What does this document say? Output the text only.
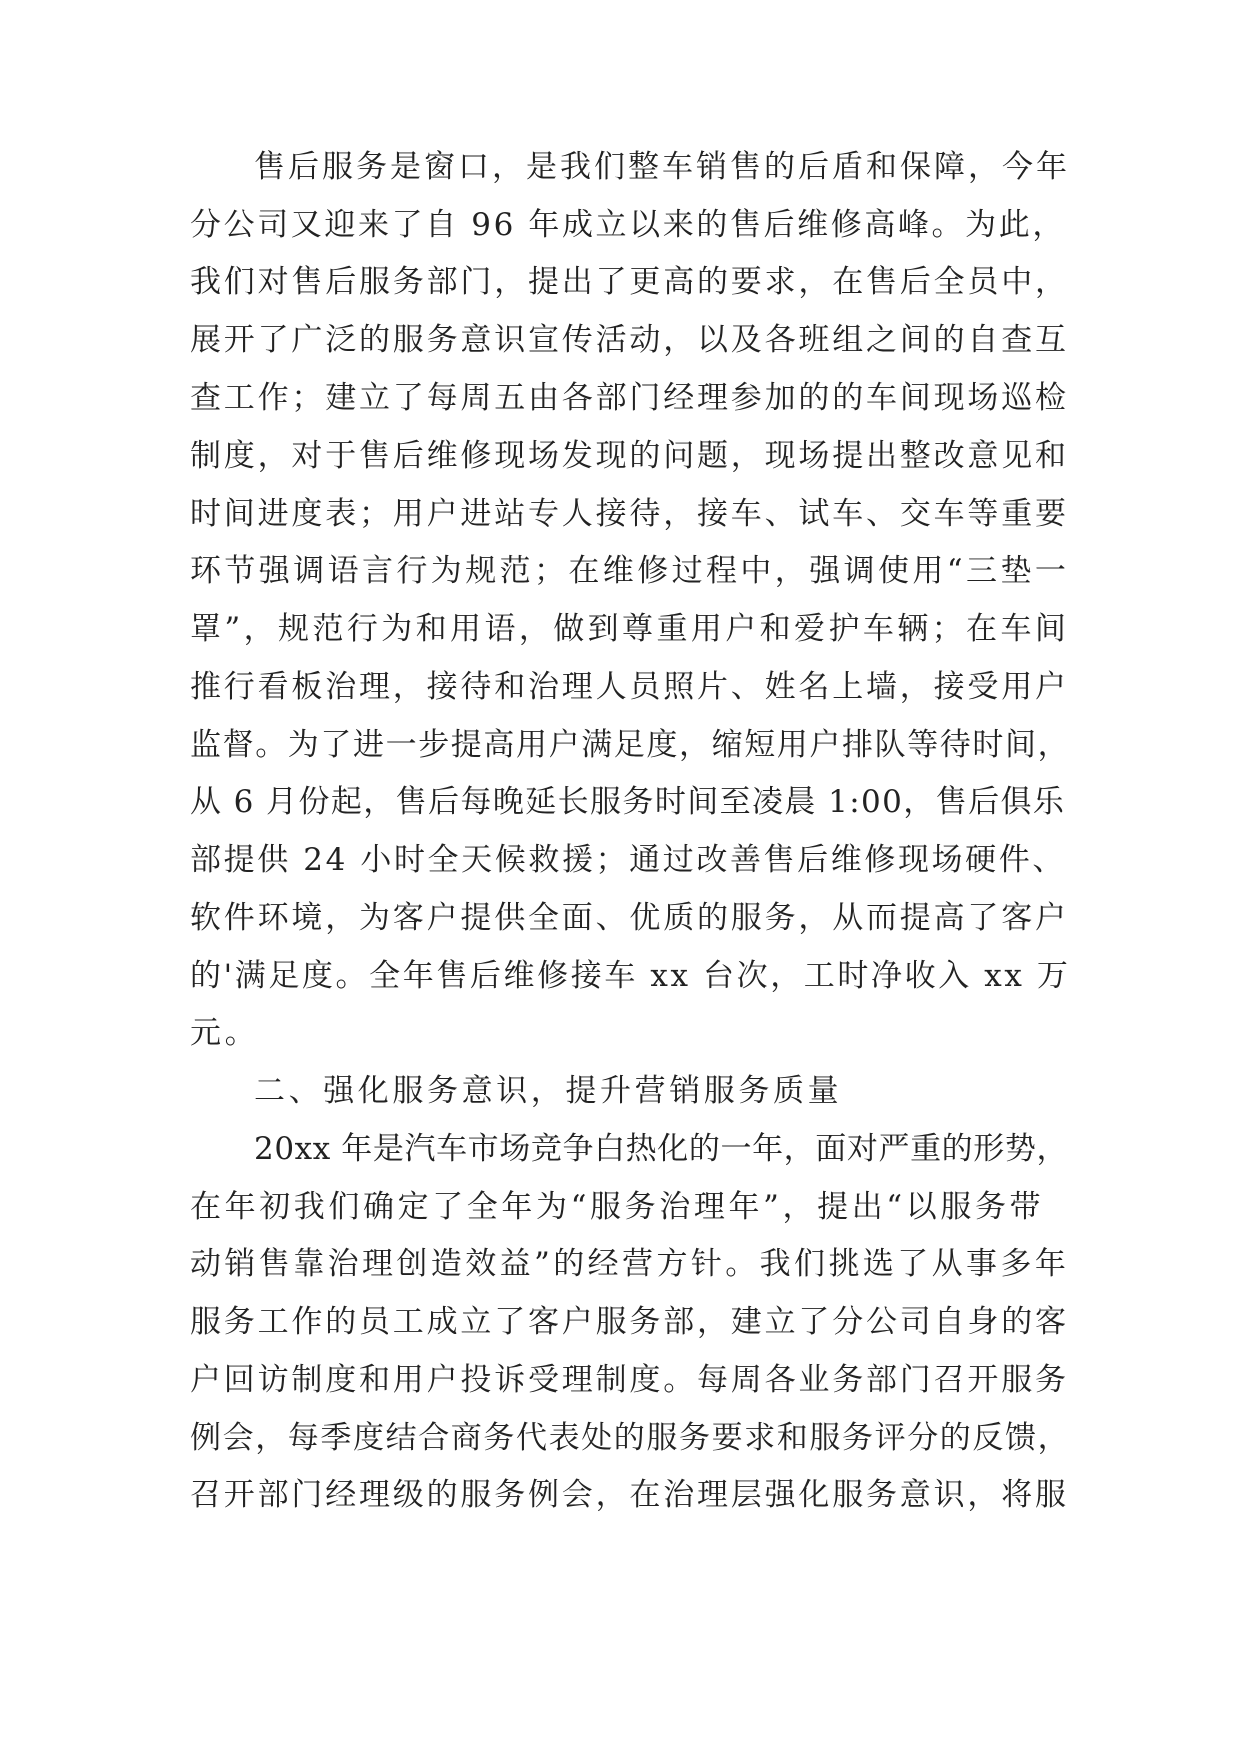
售后服务是窗口，是我们整车销售的后盾和保障，今年
分公司又迎来了自 96 年成立以来的售后维修高峰。为此，
我们对售后服务部门，提出了更高的要求，在售后全员中，
展开了广泛的服务意识宣传活动，以及各班组之间的自查互
查工作；建立了每周五由各部门经理参加的的车间现场巡检
制度，对于售后维修现场发现的问题，现场提出整改意见和
时间进度表；用户进站专人接待，接车、试车、交车等重要
环节强调语言行为规范；在维修过程中，强调使用“三垫一
罩”，规范行为和用语，做到尊重用户和爱护车辆；在车间
推行看板治理，接待和治理人员照片、姓名上墙，接受用户
监督。为了进一步提高用户满足度，缩短用户排队等待时间，
从 6 月份起，售后每晚延长服务时间至凌晨 1:00，售后俱乐
部提供 24 小时全天候救援；通过改善售后维修现场硬件、
软件环境，为客户提供全面、优质的服务，从而提高了客户
的'满足度。全年售后维修接车 xx 台次，工时净收入 xx 万
元。
二、强化服务意识，提升营销服务质量
20xx 年是汽车市场竞争白热化的一年，面对严重的形势，
在年初我们确定了全年为“服务治理年”，提出“以服务带
动销售靠治理创造效益”的经营方针。我们挑选了从事多年
服务工作的员工成立了客户服务部，建立了分公司自身的客
户回访制度和用户投诉受理制度。每周各业务部门召开服务
例会，每季度结合商务代表处的服务要求和服务评分的反馈，
召开部门经理级的服务例会，在治理层强化服务意识，将服
